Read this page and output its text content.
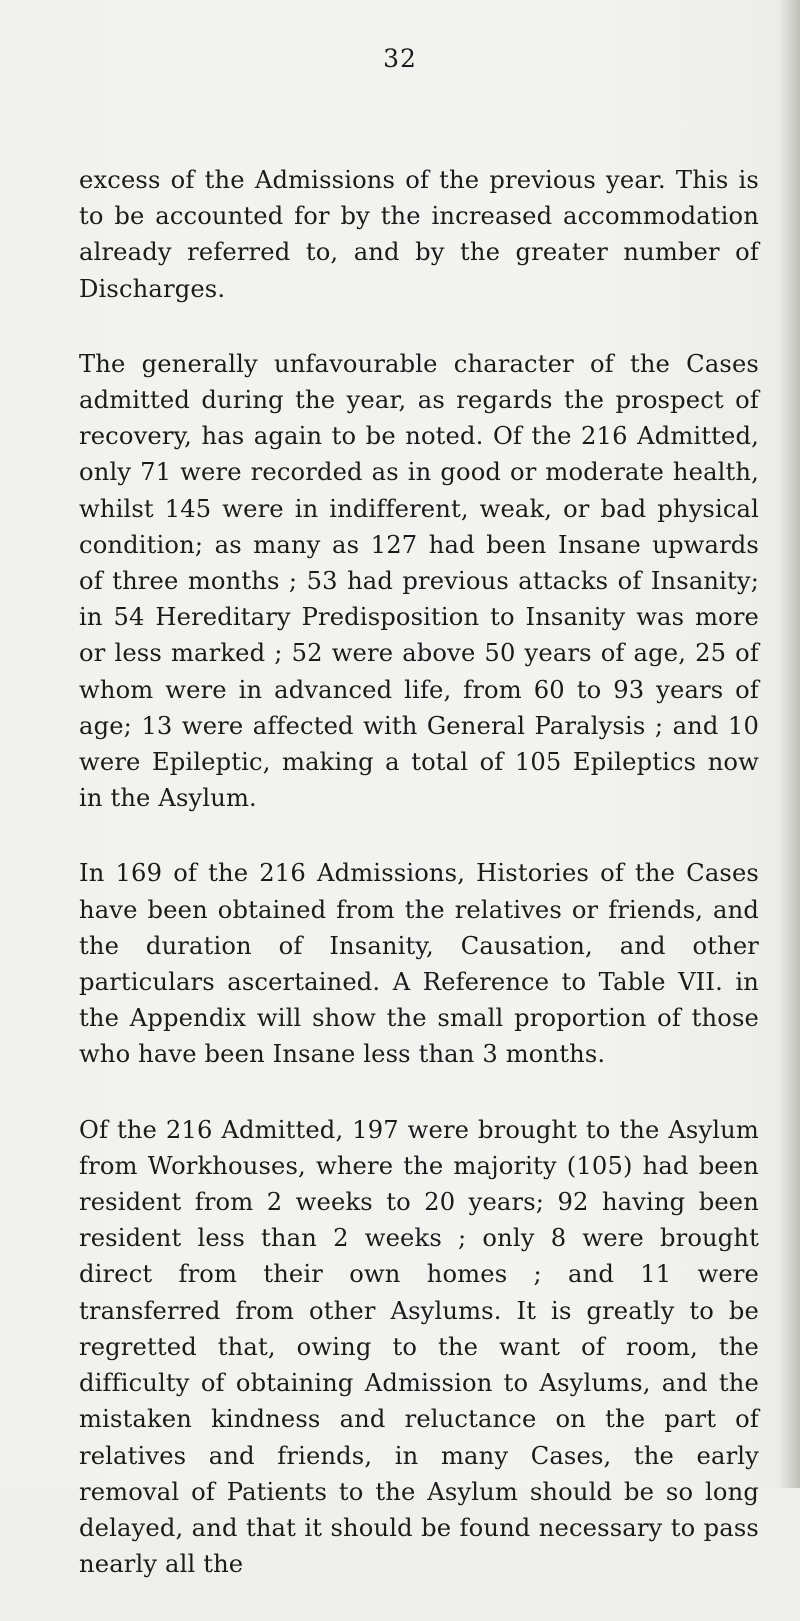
32

excess of the Admissions of the previous year. This is to be accounted for by the increased accommodation already referred to, and by the greater number of Discharges.

The generally unfavourable character of the Cases admitted during the year, as regards the prospect of recovery, has again to be noted. Of the 216 Admitted, only 71 were recorded as in good or moderate health, whilst 145 were in indifferent, weak, or bad physical condition; as many as 127 had been Insane upwards of three months ; 53 had previous attacks of Insanity; in 54 Hereditary Predisposition to Insanity was more or less marked ; 52 were above 50 years of age, 25 of whom were in advanced life, from 60 to 93 years of age; 13 were affected with General Paralysis ; and 10 were Epileptic, making a total of 105 Epileptics now in the Asylum.

In 169 of the 216 Admissions, Histories of the Cases have been obtained from the relatives or friends, and the duration of Insanity, Causation, and other particulars ascertained. A Reference to Table VII. in the Appendix will show the small proportion of those who have been Insane less than 3 months.

Of the 216 Admitted, 197 were brought to the Asylum from Workhouses, where the majority (105) had been resident from 2 weeks to 20 years; 92 having been resident less than 2 weeks ; only 8 were brought direct from their own homes ; and 11 were transferred from other Asylums. It is greatly to be regretted that, owing to the want of room, the difficulty of obtaining Admission to Asylums, and the mistaken kindness and reluctance on the part of relatives and friends, in many Cases, the early removal of Patients to the Asylum should be so long delayed, and that it should be found necessary to pass nearly all the
